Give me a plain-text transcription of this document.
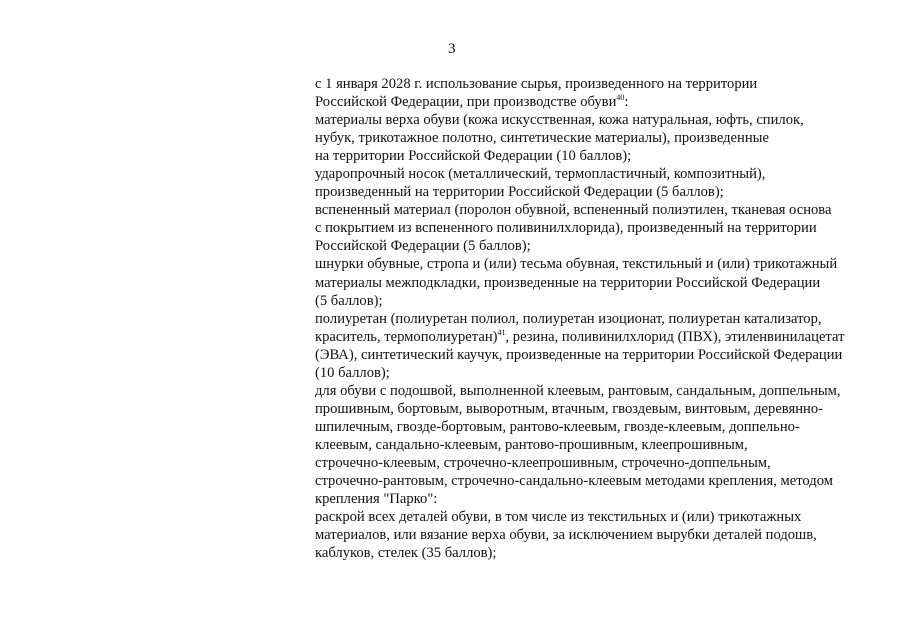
3
с 1 января 2028 г. использование сырья, произведенного на территории
Российской Федерации, при производстве обуви$^{40}$:
материалы верха обуви (кожа искусственная, кожа натуральная, юфть, спилок,
нубук, трикотажное полотно, синтетические материалы), произведенные
на территории Российской Федерации (10 баллов);
ударопрочный носок (металлический, термопластичный, композитный),
произведенный на территории Российской Федерации (5 баллов);
вспененный материал (поролон обувной, вспененный полиэтилен, тканевая основа
с покрытием из вспененного поливинилхлорида), произведенный на территории
Российской Федерации (5 баллов);
шнурки обувные, стропа и (или) тесьма обувная, текстильный и (или) трикотажный
материалы межподкладки, произведенные на территории Российской Федерации
(5 баллов);
полиуретан (полиуретан полиол, полиуретан изоционат, полиуретан катализатор,
краситель, термополиуретан)$^{41}$, резина, поливинилхлорид (ПВХ), этиленвинилацетат
(ЭВА), синтетический каучук, произведенные на территории Российской Федерации
(10 баллов);
для обуви с подошвой, выполненной клеевым, рантовым, сандальным, доппельным,
прошивным, бортовым, выворотным, втачным, гвоздевым, винтовым, деревянно-
шпилечным, гвозде-бортовым, рантово-клеевым, гвозде-клеевым, доппельно-
клеевым, сандально-клеевым, рантово-прошивным, клеепрошивным,
строчечно-клеевым, строчечно-клеепрошивным, строчечно-доппельным,
строчечно-рантовым, строчечно-сандально-клеевым методами крепления, методом
крепления "Парко":
раскрой всех деталей обуви, в том числе из текстильных и (или) трикотажных
материалов, или вязание верха обуви, за исключением вырубки деталей подошв,
каблуков, стелек (35 баллов);
